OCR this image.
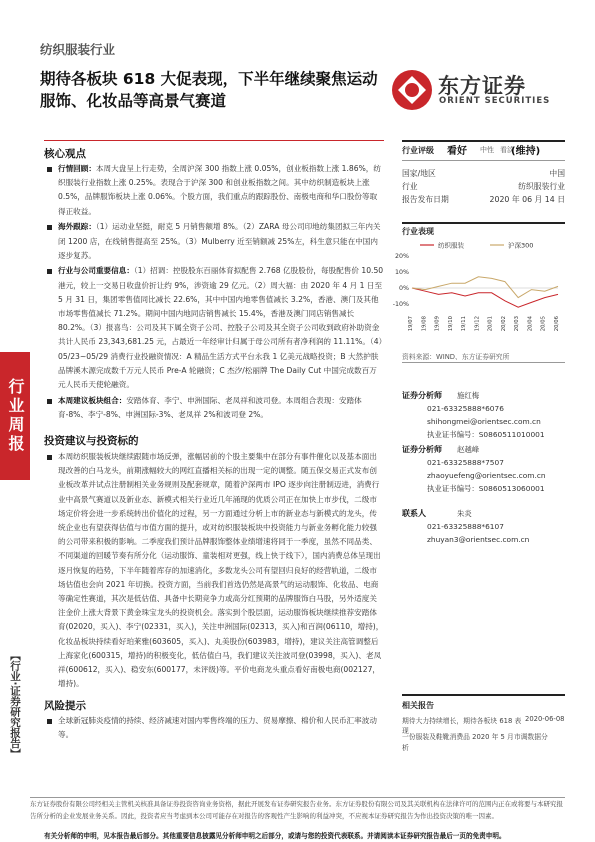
纺织服装行业
期待各板块 618 大促表现，下半年继续聚焦运动服饰、化妆品等高景气赛道
东方证券
ORIENT SECURITIES
行业周报
【行业·证券研究报告】
核心观点
行情回顾：本周大盘呈上行走势，全周沪深 300 指数上涨 0.05%，创业板指数上涨 1.86%，纺织服装行业指数上涨 0.25%。表现合于沪深 300 和创业板指数之间。其中纺织制造板块上涨 0.5%，品牌服饰板块上涨 0.06%。个股方面，我们重点的跟踪股份、南极电商和华口股份等取得正收益。
海外跟踪：（1）运动业坚挺，耐克 5 月销售额增 8%。（2）ZARA 母公司印地纺集团拟三年内关闭 1200 店，在线销售提高至 25%。（3）Mulberry 近至销额减 25%左，科生意只能在中国内逐步复苏。
行业与公司重要信息：（1）招调：控股股东百丽体育拟配售 2.768 亿股股份，每股配售价 10.50 港元，较上一交易日收盘价折让约 9%，涉资逾 29 亿元。（2）周大福：由 2020 年 4 月 1 日至 5 月 31 日，集团零售值同比减长 22.6%，其中中国内地零售值减长 3.2%，香港、澳门及其他市场零售值减长 71.2%。期间中国内地同店销售减长 15.4%，香港及澳门同店销售减长 80.2%。（3）报喜鸟：公司及其下属全资子公司、控股子公司及其全资子公司收到政府补助资金共计人民币 23,343,681.25 元，占最近一年经审计归属于母公司所有者净利润的 11.11%。（4）05/23~05/29 消费行业投融资情况：A 精品生活方式平台永我 1 亿美元战略投资；B 大然护肤品牌溪木源完成数千万元人民币 Pre-A 轮融资；C 杰汐/松丽牌 The Daily Cut 中国完成数百万元人民币天使轮融资。
本周建议板块组合：安踏体育、李宁、申洲国际、老凤祥和波司登。本周组合表现：安踏体育-8%、李宁-8%、申洲国际-3%、老凤祥 2%和波司登 2%。
投资建议与投资标的
本周纺织服装板块继续跟随市场反弹，涨幅居前的个股主要集中在部分有事件催化以及基本面出现改善的白马龙头，前期涨幅较大的网红直播相关标的出现一定的调整。随五保交易正式发布创业板改革并试点注册制相关业务规则及配套规章，随着沪深两市 IPO 逐步向注册制迈进，消费行业中高景气赛道以及新业态、新模式相关行业近几年涌现的优质公司正在加快上市步伐，二级市场定价将会进一步系统转出价值化的过程，另一方面通过分析上市的新业态与新模式的龙头，传统企业也有望获得估值与市值方面的提升，或对纺织服装板块中投资能力与新业务孵化能力较强的公司带来积极的影响。二季度我们预计品牌服饰整体业绩增速将同于一季度，虽然不同品类、不同渠道的回暖节奏有所分化（运动服饰、童装相对更强，线上快于线下），国内消费总体呈现出逐月恢复的趋势，下半年随着库存的加速消化，多数龙头公司有望回归良好的经营轨道，二级市场估值也会向 2021 年切换。投资方面，当前我们首选仍然是高景气的运动服饰、化妆品、电商等确定性赛道，其次是低估值、具备中长期竞争力或高分红预期的品牌服饰白马股，另外适度关注金价上涨大背景下黄金珠宝龙头的投资机会。落实到个股层面，运动服饰板块继续推荐安踏体育(02020，买入)、李宁(02331，买入)，关注申洲国际(02313，买入)和百润(06110，增持)，化妆品板块持续看好珀莱雅(603605，买入)、丸美股份(603983，增持)，建议关注高管调整后上海家化(600315，增持)的积极变化，低估值白马，我们建议关注波司登(03998，买入)、老凤祥(600612，买入)、稳安东(600177，未评级)等。平价电商龙头重点看好南极电商(002127，增持)。
风险提示
全球新冠肺炎疫情的持续、经济减速对国内零售终端的压力、贸易摩擦、棉价和人民币汇率波动等。
行业评级 看好 中性 看淡
(维持)
国家/地区	中国
行业	纺织服装行业
报告发布日期	2020 年 06 月 14 日
行业表现
纺织服装	沪深300
-10%
0%
10%
20%
19/07 19/08 19/09 19/10 19/11 19/12 20/01 20/02 20/03 20/04 20/05 20/06
资料来源：WIND、东方证券研究所
证券分析师 施红梅
021-63325888*6076
shihongmei@orientsec.com.cn
执业证书编号：S0860511010001
证券分析师 赵越峰
021-63325888*7507
zhaoyuefeng@orientsec.com.cn
执业证书编号：S0860513060001
联系人	朱炎
021-63325888*6107
zhuyan3@orientsec.com.cn
相关报告
期待大力持续增长，期待各板块 618 表现
2020-06-08
一份服装及鞋靴消费品 2020 年 5 月市调数据分析
东方证券股份有限公司经相关主管机关核准具备证券投资咨询业务资格，据此开展发布证券研究报告业务。东方证券股份有限公司及其关联机构在法律许可的范围内正在或将要与本研究报告所分析的企业发展业务关系。因此，投资者应当考虑到本公司可能存在对报告的客观性产生影响的利益冲突，不应视本证券研究报告为作出投资决策的唯一因素。
有关分析师的申明，见本报告最后部分。其他重要信息披露见分析师申明之后部分，或请与您的投资代表联系。并请阅读本证券研究报告最后一页的免责申明。
